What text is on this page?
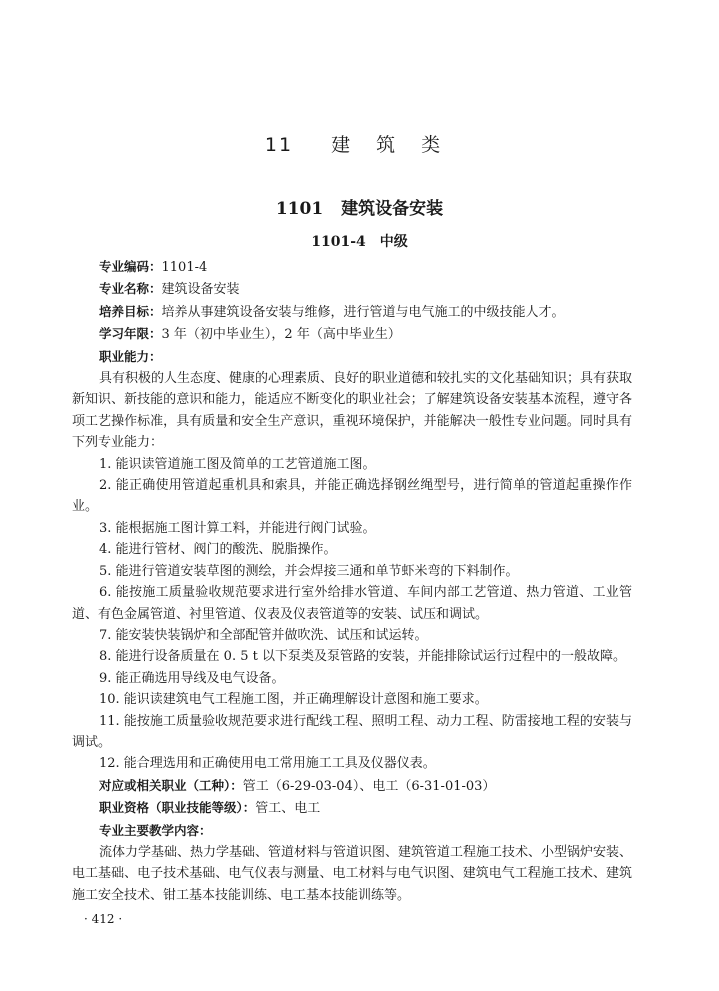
11 建 筑 类
1101 建筑设备安装
1101-4 中级
专业编码：1101-4
专业名称：建筑设备安装
培养目标：培养从事建筑设备安装与维修，进行管道与电气施工的中级技能人才。
学习年限：3 年（初中毕业生），2 年（高中毕业生）
职业能力：
具有积极的人生态度、健康的心理素质、良好的职业道德和较扎实的文化基础知识；具有获取新知识、新技能的意识和能力，能适应不断变化的职业社会；了解建筑设备安装基本流程，遵守各项工艺操作标准，具有质量和安全生产意识，重视环境保护，并能解决一般性专业问题。同时具有下列专业能力：
1. 能识读管道施工图及简单的工艺管道施工图。
2. 能正确使用管道起重机具和索具，并能正确选择钢丝绳型号，进行简单的管道起重操作作业。
3. 能根据施工图计算工料，并能进行阀门试验。
4. 能进行管材、阀门的酸洗、脱脂操作。
5. 能进行管道安装草图的测绘，并会焊接三通和单节虾米弯的下料制作。
6. 能按施工质量验收规范要求进行室外给排水管道、车间内部工艺管道、热力管道、工业管道、有色金属管道、衬里管道、仪表及仪表管道等的安装、试压和调试。
7. 能安装快装锅炉和全部配管并做吹洗、试压和试运转。
8. 能进行设备质量在 0. 5 t 以下泵类及泵管路的安装，并能排除试运行过程中的一般故障。
9. 能正确选用导线及电气设备。
10. 能识读建筑电气工程施工图，并正确理解设计意图和施工要求。
11. 能按施工质量验收规范要求进行配线工程、照明工程、动力工程、防雷接地工程的安装与调试。
12. 能合理选用和正确使用电工常用施工工具及仪器仪表。
对应或相关职业（工种）：管工（6-29-03-04）、电工（6-31-01-03）
职业资格（职业技能等级）：管工、电工
专业主要教学内容：
流体力学基础、热力学基础、管道材料与管道识图、建筑管道工程施工技术、小型锅炉安装、电工基础、电子技术基础、电气仪表与测量、电工材料与电气识图、建筑电气工程施工技术、建筑施工安全技术、钳工基本技能训练、电工基本技能训练等。
· 412 ·
